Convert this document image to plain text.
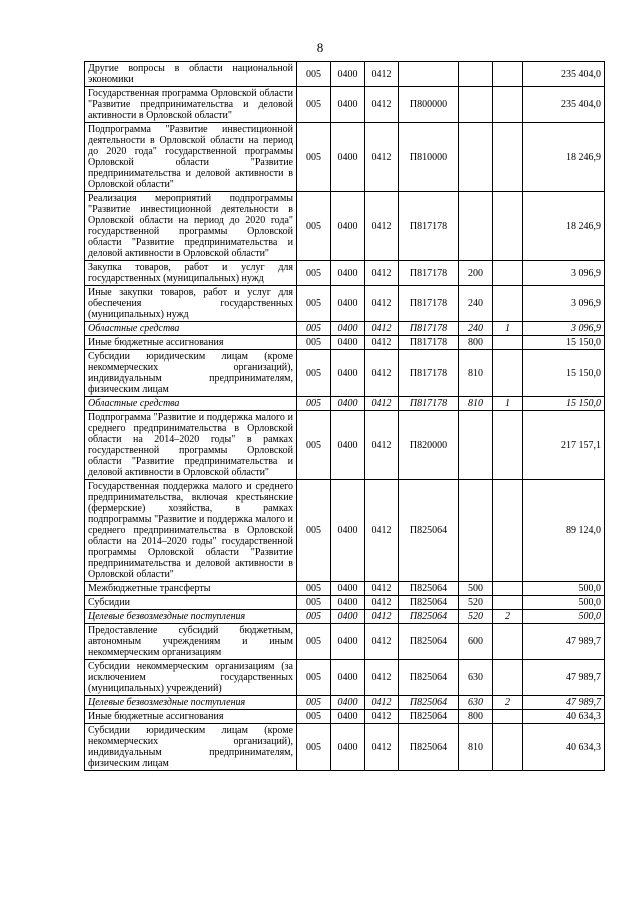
8
Другие вопросы в области национальной экономики	005	0400	0412				235 404,0
Государственная программа Орловской области "Развитие предпринимательства и деловой активности в Орловской области"	005	0400	0412	П800000			235 404,0
Подпрограмма "Развитие инвестиционной деятельности в Орловской области на период до 2020 года" государственной программы Орловской области "Развитие предпринимательства и деловой активности в Орловской области"	005	0400	0412	П810000			18 246,9
Реализация мероприятий подпрограммы "Развитие инвестиционной деятельности в Орловской области на период до 2020 года" государственной программы Орловской области "Развитие предпринимательства и деловой активности в Орловской области"	005	0400	0412	П817178			18 246,9
Закупка товаров, работ и услуг для государственных (муниципальных) нужд	005	0400	0412	П817178	200		3 096,9
Иные закупки товаров, работ и услуг для обеспечения государственных (муниципальных) нужд	005	0400	0412	П817178	240		3 096,9
Областные средства	005	0400	0412	П817178	240	1	3 096,9
Иные бюджетные ассигнования	005	0400	0412	П817178	800		15 150,0
Субсидии юридическим лицам (кроме некоммерческих организаций), индивидуальным предпринимателям, физическим лицам	005	0400	0412	П817178	810		15 150,0
Областные средства	005	0400	0412	П817178	810	1	15 150,0
Подпрограмма "Развитие и поддержка малого и среднего предпринимательства в Орловской области на 2014–2020 годы" в рамках государственной программы Орловской области "Развитие предпринимательства и деловой активности в Орловской области"	005	0400	0412	П820000			217 157,1
Государственная поддержка малого и среднего предпринимательства, включая крестьянские (фермерские) хозяйства, в рамках подпрограммы "Развитие и поддержка малого и среднего предпринимательства в Орловской области на 2014–2020 годы" государственной программы Орловской области "Развитие предпринимательства и деловой активности в Орловской области"	005	0400	0412	П825064			89 124,0
Межбюджетные трансферты	005	0400	0412	П825064	500		500,0
Субсидии	005	0400	0412	П825064	520		500,0
Целевые безвозмездные поступления	005	0400	0412	П825064	520	2	500,0
Предоставление субсидий бюджетным, автономным учреждениям и иным некоммерческим организациям	005	0400	0412	П825064	600		47 989,7
Субсидии некоммерческим организациям (за исключением государственных (муниципальных) учреждений)	005	0400	0412	П825064	630		47 989,7
Целевые безвозмездные поступления	005	0400	0412	П825064	630	2	47 989,7
Иные бюджетные ассигнования	005	0400	0412	П825064	800		40 634,3
Субсидии юридическим лицам (кроме некоммерческих организаций), индивидуальным предпринимателям, физическим лицам	005	0400	0412	П825064	810		40 634,3
